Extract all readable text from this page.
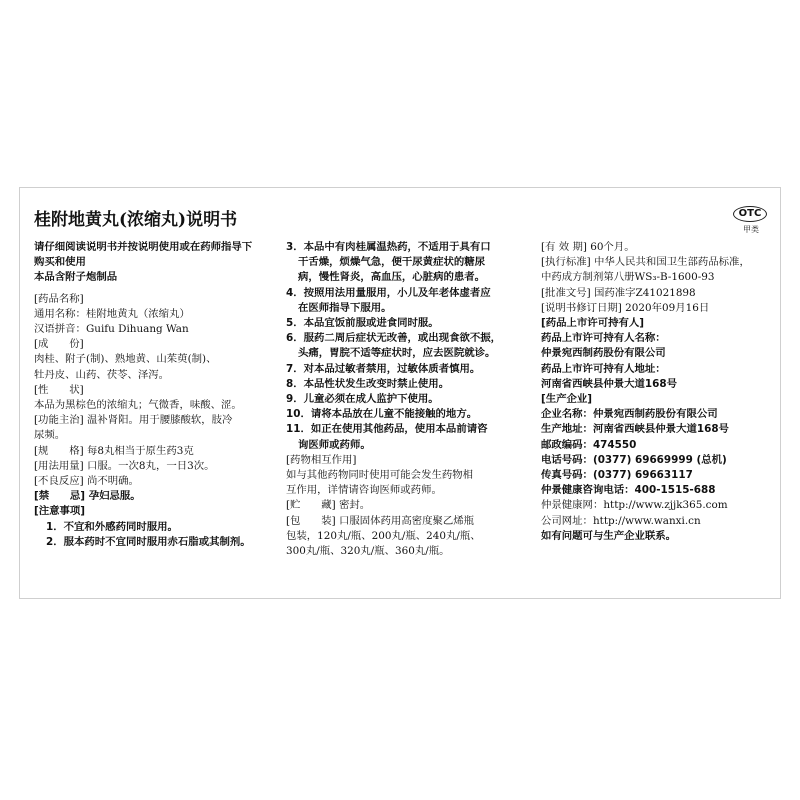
桂附地黄丸(浓缩丸)说明书	OTC
甲类

请仔细阅读说明书并按说明使用或在药师指导下

购买和使用

本品含附子炮制品

[药品名称]

通用名称：桂附地黄丸（浓缩丸）

汉语拼音：Guifu Dihuang Wan

[成　　份]

肉桂、附子(制)、熟地黄、山茱萸(制)、

牡丹皮、山药、茯苓、泽泻。

[性　　状]

本品为黑棕色的浓缩丸；气微香，味酸、涩。

[功能主治] 温补肾阳。用于腰膝酸软，肢冷

尿频。

[规　　格] 每8丸相当于原生药3克

[用法用量] 口服。一次8丸，一日3次。

[不良反应] 尚不明确。

[禁　　忌] 孕妇忌服。

[注意事项]

1．不宜和外感药同时服用。

2．服本药时不宜同时服用赤石脂或其制剂。

3．本品中有肉桂属温热药，不适用于具有口

干舌燥，烦燥气急，便干尿黄症状的糖尿

病，慢性肾炎，高血压，心脏病的患者。

4．按照用法用量服用，小儿及年老体虚者应

在医师指导下服用。

5．本品宜饭前服或进食同时服。

6．服药二周后症状无改善，或出现食欲不振，

头痛，胃脘不适等症状时，应去医院就诊。

7．对本品过敏者禁用，过敏体质者慎用。

8．本品性状发生改变时禁止使用。

9．儿童必须在成人监护下使用。

10．请将本品放在儿童不能接触的地方。

11．如正在使用其他药品，使用本品前请咨

询医师或药师。

[药物相互作用]

如与其他药物同时使用可能会发生药物相

互作用，详情请咨询医师或药师。

[贮　　藏] 密封。

[包　　装] 口服固体药用高密度聚乙烯瓶

包装，120丸/瓶、200丸/瓶、240丸/瓶、

300丸/瓶、320丸/瓶、360丸/瓶。

[有 效 期] 60个月。

[执行标准] 中华人民共和国卫生部药品标准，

中药成方制剂第八册WS₃-B-1600-93

[批准文号] 国药准字Z41021898

[说明书修订日期] 2020年09月16日

[药品上市许可持有人]

药品上市许可持有人名称：

仲景宛西制药股份有限公司

药品上市许可持有人地址：

河南省西峡县仲景大道168号

[生产企业]

企业名称：仲景宛西制药股份有限公司

生产地址：河南省西峡县仲景大道168号

邮政编码：474550

电话号码：(0377) 69669999 (总机)

传真号码：(0377) 69663117

仲景健康咨询电话：400-1515-688

仲景健康网：http://www.zjjk365.com

公司网址：http://www.wanxi.cn

如有问题可与生产企业联系。
